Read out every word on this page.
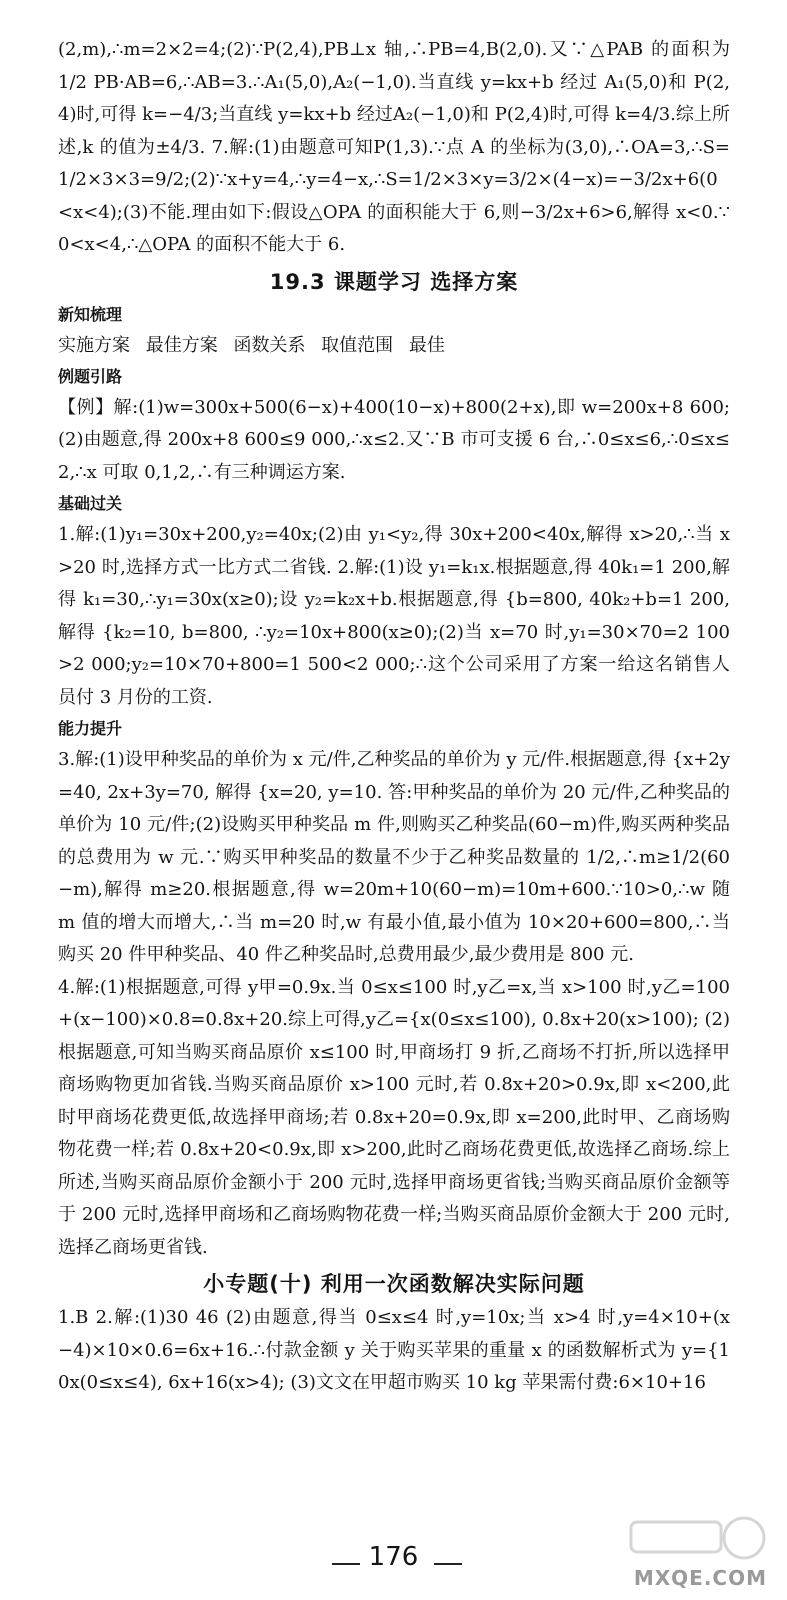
(2,m),∴m=2×2=4;(2)∵P(2,4),PB⊥x 轴,∴PB=4,B(2,0).又∵△PAB 的面积为 1/2 PB·AB=6,∴AB=3.∴A₁(5,0),A₂(−1,0).当直线 y=kx+b 经过 A₁(5,0)和 P(2,4)时,可得 k=−4/3;当直线 y=kx+b 经过A₂(−1,0)和 P(2,4)时,可得 k=4/3.综上所述,k 的值为±4/3. 7.解:(1)由题意可知P(1,3).∵点 A 的坐标为(3,0),∴OA=3,∴S=1/2×3×3=9/2;(2)∵x+y=4,∴y=4−x,∴S=1/2×3×y=3/2×(4−x)=−3/2x+6(0<x<4);(3)不能.理由如下:假设△OPA 的面积能大于 6,则−3/2x+6>6,解得 x<0.∵0<x<4,∴△OPA 的面积不能大于 6.

19.3 课题学习 选择方案

新知梳理

实施方案 最佳方案 函数关系 取值范围 最佳

例题引路

【例】解:(1)w=300x+500(6−x)+400(10−x)+800(2+x),即 w=200x+8 600;(2)由题意,得 200x+8 600≤9 000,∴x≤2.又∵B 市可支援 6 台,∴0≤x≤6,∴0≤x≤2,∴x 可取 0,1,2,∴有三种调运方案.

基础过关

1.解:(1)y₁=30x+200,y₂=40x;(2)由 y₁<y₂,得 30x+200<40x,解得 x>20,∴当 x>20 时,选择方式一比方式二省钱. 2.解:(1)设 y₁=k₁x.根据题意,得 40k₁=1 200,解得 k₁=30,∴y₁=30x(x≥0);设 y₂=k₂x+b.根据题意,得 {b=800, 40k₂+b=1 200, 解得 {k₂=10, b=800, ∴y₂=10x+800(x≥0);(2)当 x=70 时,y₁=30×70=2 100>2 000;y₂=10×70+800=1 500<2 000;∴这个公司采用了方案一给这名销售人员付 3 月份的工资.

能力提升

3.解:(1)设甲种奖品的单价为 x 元/件,乙种奖品的单价为 y 元/件.根据题意,得 {x+2y=40, 2x+3y=70, 解得 {x=20, y=10. 答:甲种奖品的单价为 20 元/件,乙种奖品的单价为 10 元/件;(2)设购买甲种奖品 m 件,则购买乙种奖品(60−m)件,购买两种奖品的总费用为 w 元.∵购买甲种奖品的数量不少于乙种奖品数量的 1/2,∴m≥1/2(60−m),解得 m≥20.根据题意,得 w=20m+10(60−m)=10m+600.∵10>0,∴w 随 m 值的增大而增大,∴当 m=20 时,w 有最小值,最小值为 10×20+600=800,∴当购买 20 件甲种奖品、40 件乙种奖品时,总费用最少,最少费用是 800 元.

4.解:(1)根据题意,可得 y甲=0.9x.当 0≤x≤100 时,y乙=x,当 x>100 时,y乙=100+(x−100)×0.8=0.8x+20.综上可得,y乙={x(0≤x≤100), 0.8x+20(x>100); (2)根据题意,可知当购买商品原价 x≤100 时,甲商场打 9 折,乙商场不打折,所以选择甲商场购物更加省钱.当购买商品原价 x>100 元时,若 0.8x+20>0.9x,即 x<200,此时甲商场花费更低,故选择甲商场;若 0.8x+20=0.9x,即 x=200,此时甲、乙商场购物花费一样;若 0.8x+20<0.9x,即 x>200,此时乙商场花费更低,故选择乙商场.综上所述,当购买商品原价金额小于 200 元时,选择甲商场更省钱;当购买商品原价金额等于 200 元时,选择甲商场和乙商场购物花费一样;当购买商品原价金额大于 200 元时,选择乙商场更省钱.

小专题(十) 利用一次函数解决实际问题

1.B 2.解:(1)30 46 (2)由题意,得当 0≤x≤4 时,y=10x;当 x>4 时,y=4×10+(x−4)×10×0.6=6x+16.∴付款金额 y 关于购买苹果的重量 x 的函数解析式为 y={10x(0≤x≤4), 6x+16(x>4); (3)文文在甲超市购买 10 kg 苹果需付费:6×10+16

176
MXQE.COM
